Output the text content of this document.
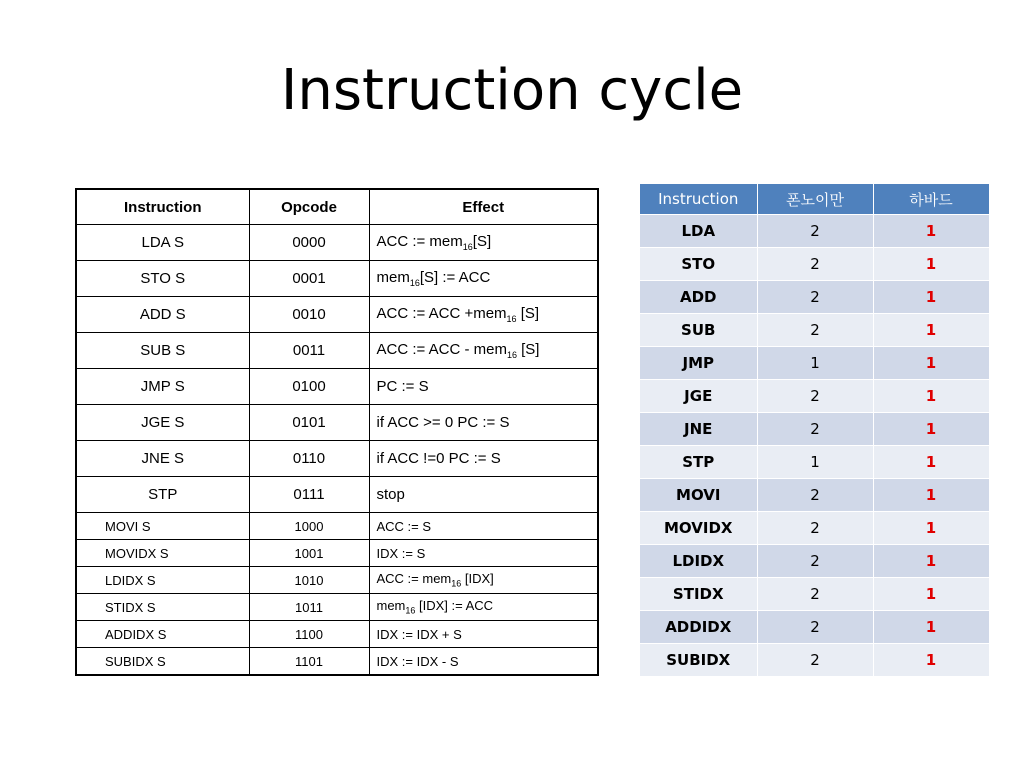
Instruction cycle
Instruction	Opcode	Effect
LDA S	0000	ACC := mem$_{16}$[S]
STO S	0001	mem$_{16}$[S] := ACC
ADD S	0010	ACC := ACC +mem$_{16}$ [S]
SUB S	0011	ACC := ACC - mem$_{16}$ [S]
JMP S	0100	PC := S
JGE S	0101	if ACC >= 0 PC := S
JNE S	0110	if ACC !=0 PC := S
STP	0111	stop
MOVI S	1000	ACC := S
MOVIDX S	1001	IDX := S
LDIDX S	1010	ACC := mem$_{16}$ [IDX]
STIDX S	1011	mem$_{16}$ [IDX] := ACC
ADDIDX S	1100	IDX := IDX + S
SUBIDX S	1101	IDX := IDX - S
Instruction	폰노이만	하바드
LDA	2	1
STO	2	1
ADD	2	1
SUB	2	1
JMP	1	1
JGE	2	1
JNE	2	1
STP	1	1
MOVI	2	1
MOVIDX	2	1
LDIDX	2	1
STIDX	2	1
ADDIDX	2	1
SUBIDX	2	1
